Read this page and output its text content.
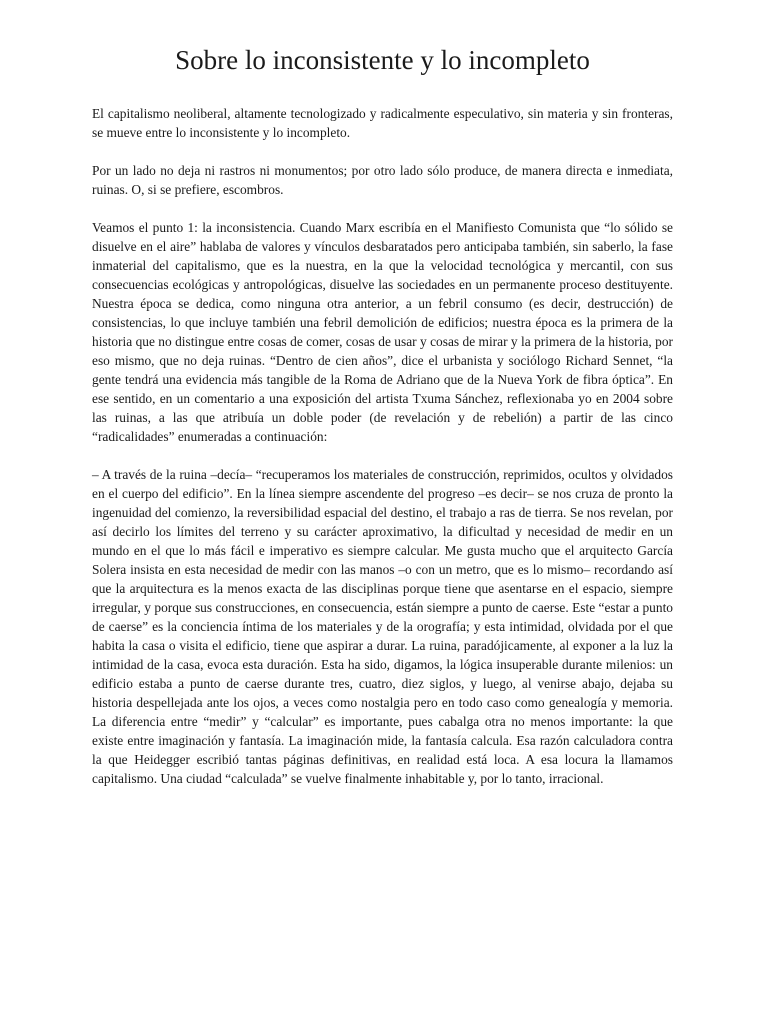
Sobre lo inconsistente y lo incompleto

El capitalismo neoliberal, altamente tecnologizado y radicalmente especulativo, sin materia y sin fronteras, se mueve entre lo inconsistente y lo incompleto.

Por un lado no deja ni rastros ni monumentos; por otro lado sólo produce, de manera directa e inmediata, ruinas. O, si se prefiere, escombros.

Veamos el punto 1: la inconsistencia. Cuando Marx escribía en el Manifiesto Comunista que “lo sólido se disuelve en el aire” hablaba de valores y vínculos desbaratados pero anticipaba también, sin saberlo, la fase inmaterial del capitalismo, que es la nuestra, en la que la velocidad tecnológica y mercantil, con sus consecuencias ecológicas y antropológicas, disuelve las sociedades en un permanente proceso destituyente. Nuestra época se dedica, como ninguna otra anterior, a un febril consumo (es decir, destrucción) de consistencias, lo que incluye también una febril demolición de edificios; nuestra época es la primera de la historia que no distingue entre cosas de comer, cosas de usar y cosas de mirar y la primera de la historia, por eso mismo, que no deja ruinas. “Dentro de cien años”, dice el urbanista y sociólogo Richard Sennet, “la gente tendrá una evidencia más tangible de la Roma de Adriano que de la Nueva York de fibra óptica”. En ese sentido, en un comentario a una exposición del artista Txuma Sánchez, reflexionaba yo en 2004 sobre las ruinas, a las que atribuía un doble poder (de revelación y de rebelión) a partir de las cinco “radicalidades” enumeradas a continuación:

– A través de la ruina –decía– “recuperamos los materiales de construcción, reprimidos, ocultos y olvidados en el cuerpo del edificio”. En la línea siempre ascendente del progreso –es decir– se nos cruza de pronto la ingenuidad del comienzo, la reversibilidad espacial del destino, el trabajo a ras de tierra. Se nos revelan, por así decirlo los límites del terreno y su carácter aproximativo, la dificultad y necesidad de medir en un mundo en el que lo más fácil e imperativo es siempre calcular. Me gusta mucho que el arquitecto García Solera insista en esta necesidad de medir con las manos –o con un metro, que es lo mismo– recordando así que la arquitectura es la menos exacta de las disciplinas porque tiene que asentarse en el espacio, siempre irregular, y porque sus construcciones, en consecuencia, están siempre a punto de caerse. Este “estar a punto de caerse” es la conciencia íntima de los materiales y de la orografía; y esta intimidad, olvidada por el que habita la casa o visita el edificio, tiene que aspirar a durar. La ruina, paradójicamente, al exponer a la luz la intimidad de la casa, evoca esta duración. Esta ha sido, digamos, la lógica insuperable durante milenios: un edificio estaba a punto de caerse durante tres, cuatro, diez siglos, y luego, al venirse abajo, dejaba su historia despellejada ante los ojos, a veces como nostalgia pero en todo caso como genealogía y memoria. La diferencia entre “medir” y “calcular” es importante, pues cabalga otra no menos importante: la que existe entre imaginación y fantasía. La imaginación mide, la fantasía calcula. Esa razón calculadora contra la que Heidegger escribió tantas páginas definitivas, en realidad está loca. A esa locura la llamamos capitalismo. Una ciudad “calculada” se vuelve finalmente inhabitable y, por lo tanto, irracional.
